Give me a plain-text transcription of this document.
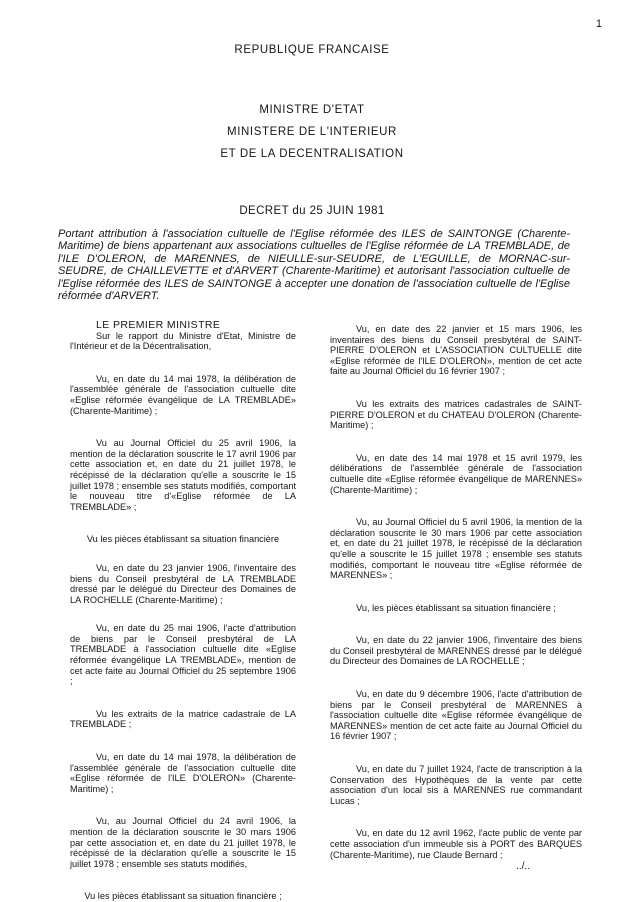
1
REPUBLIQUE FRANCAISE
MINISTRE D'ETAT
MINISTERE DE L'INTERIEUR
ET DE LA DECENTRALISATION
DECRET du 25 JUIN 1981
Portant attribution à l'association cultuelle de l'Eglise réformée des ILES de SAINTONGE (Charente-Maritime) de biens appartenant aux associations cultuelles de l'Eglise réformée de LA TREMBLADE, de l'ILE D'OLERON, de MARENNES, de NIEULLE-sur-SEUDRE, de L'EGUILLE, de MORNAC-sur-SEUDRE, de CHAILLEVETTE et d'ARVERT (Charente-Maritime) et autorisant l'association cultuelle de l'Eglise réformée des ILES de SAINTONGE à accepter une donation de l'association cultuelle de l'Eglise réformée d'ARVERT.

LE PREMIER MINISTRE

Sur le rapport du Ministre d'Etat, Ministre de l'Intérieur et de la Décentralisation,

Vu, en date du 14 mai 1978, la délibération de l'assemblée générale de l'association cultuelle dite «Eglise réformée évangélique de LA TREMBLADE» (Charente-Maritime) ;

Vu au Journal Officiel du 25 avril 1906, la mention de la déclaration souscrite le 17 avril 1906 par cette association et, en date du 21 juillet 1978, le récépissé de la déclaration qu'elle a souscrite le 15 juillet 1978 ; ensemble ses statuts modifiés, comportant le nouveau titre d'«Eglise réformée de LA TREMBLADE» ;

Vu les pièces établissant sa situation financière

Vu, en date du 23 janvier 1906, l'inventaire des biens du Conseil presbytéral de LA TREMBLADE dressé par le délégué du Directeur des Domaines de LA ROCHELLE (Charente-Maritime) ;

Vu, en date du 25 mai 1906, l'acte d'attribution de biens par le Conseil presbytéral de LA TREMBLADE à l'association cultuelle dite «Eglise réformée évangélique LA TREMBLADE», mention de cet acte faite au Journal Officiel du 25 septembre 1906 ;

Vu les extraits de la matrice cadastrale de LA TREMBLADE ;

Vu, en date du 14 mai 1978, la délibération de l'assemblée générale de l'association cultuelle dite «Eglise réformée de l'ILE D'OLERON» (Charente-Maritime) ;

Vu, au Journal Officiel du 24 avril 1906, la mention de la déclaration souscrite le 30 mars 1906 par cette association et, en date du 21 juillet 1978, le récépissé de la déclaration qu'elle a souscrite le 15 juillet 1978 ; ensemble ses statuts modifiés,

Vu les pièces établissant sa situation financière ;

Vu, en date des 22 janvier et 15 mars 1906, les inventaires des biens du Conseil presbytéral de SAINT-PIERRE D'OLERON et L'ASSOCIATION CULTUELLE dite «Eglise réformée de l'ILE D'OLERON», mention de cet acte faite au Journal Officiel du 16 février 1907 ;

Vu les extraits des matrices cadastrales de SAINT-PIERRE D'OLERON et du CHATEAU D'OLERON (Charente-Maritime) ;

Vu, en date des 14 mai 1978 et 15 avril 1979, les délibérations de l'assemblée générale de l'association cultuelle dite «Eglise réformée évangélique de MARENNES» (Charente-Maritime) ;

Vu, au Journal Officiel du 5 avril 1906, la mention de la déclaration souscrite le 30 mars 1906 par cette association et, en date du 21 juillet 1978, le récépissé de la déclaration qu'elle a souscrite le 15 juillet 1978 ; ensemble ses statuts modifiés, comportant le nouveau titre «Eglise réformée de MARENNES» ;

Vu, les pièces établissant sa situation financière ;

Vu, en date du 22 janvier 1906, l'inventaire des biens du Conseil presbytéral de MARENNES dressé par le délégué du Directeur des Domaines de LA ROCHELLE ;

Vu, en date du 9 décembre 1906, l'acte d'attribution de biens par le Conseil presbytéral de MARENNES à l'association cultuelle dite «Eglise réformée évangélique de MARENNES» mention de cet acte faite au Journal Officiel du 16 février 1907 ;

Vu, en date du 7 juillet 1924, l'acte de transcription à la Conservation des Hypothèques de la vente par cette association d'un local sis à MARENNES rue commandant Lucas ;

Vu, en date du 12 avril 1962, l'acte public de vente par cette association d'un immeuble sis à PORT des BARQUES (Charente-Maritime), rue Claude Bernard ;

../..
